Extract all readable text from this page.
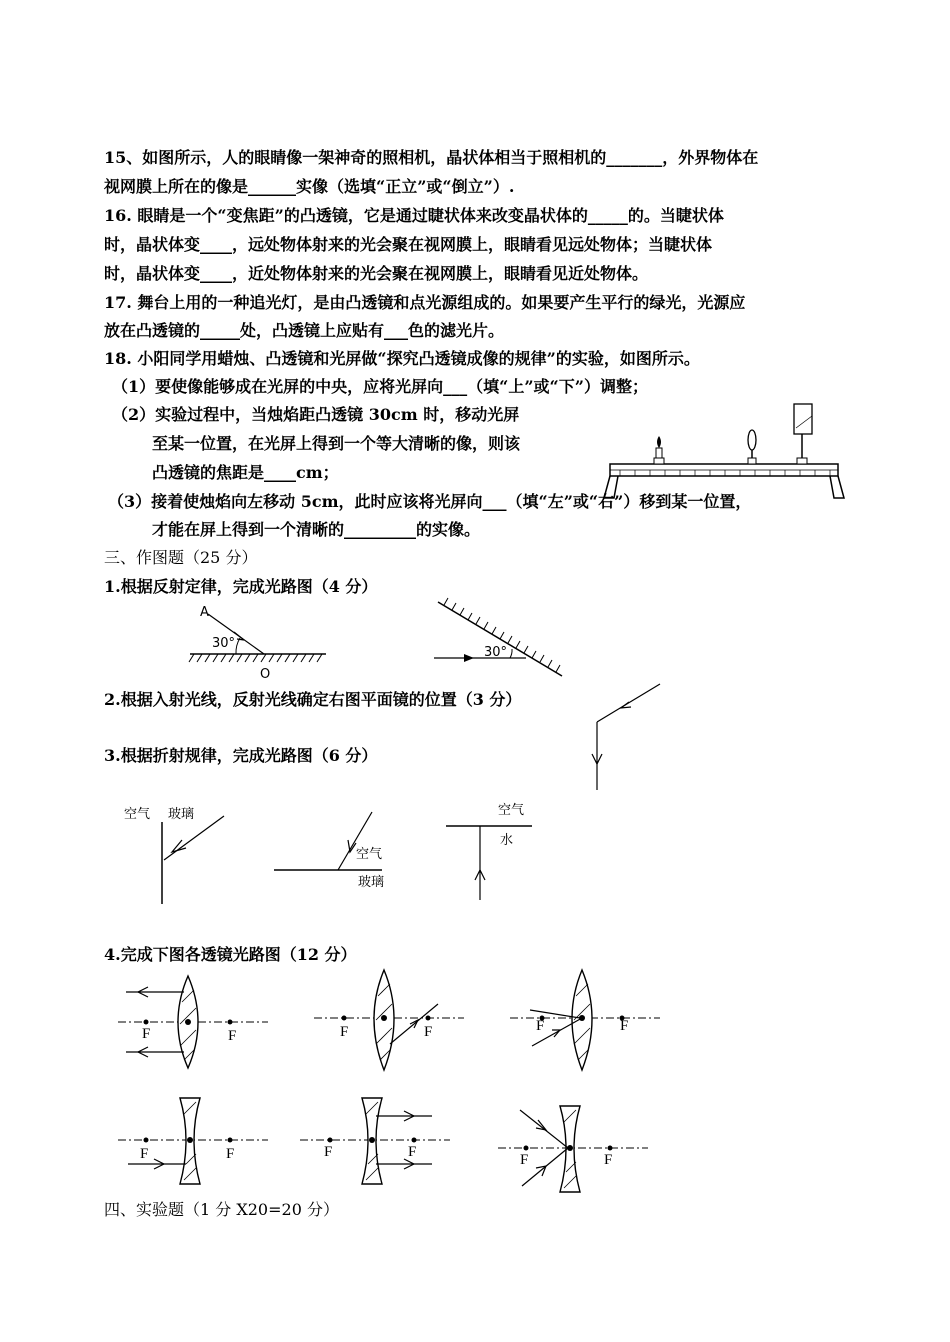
15、如图所示，人的眼睛像一架神奇的照相机，晶状体相当于照相机的_______，外界物体在
视网膜上所在的像是______实像（选填“正立”或“倒立”）.
16. 眼睛是一个“变焦距”的凸透镜，它是通过睫状体来改变晶状体的_____的。当睫状体
时，晶状体变____，远处物体射来的光会聚在视网膜上，眼睛看见远处物体；当睫状体
时，晶状体变____，近处物体射来的光会聚在视网膜上，眼睛看见近处物体。
17. 舞台上用的一种追光灯，是由凸透镜和点光源组成的。如果要产生平行的绿光，光源应
放在凸透镜的_____处，凸透镜上应贴有___色的滤光片。
18. 小阳同学用蜡烛、凸透镜和光屏做“探究凸透镜成像的规律”的实验，如图所示。
（1）要使像能够成在光屏的中央，应将光屏向___（填“上”或“下”）调整；
（2）实验过程中，当烛焰距凸透镜 30cm 时，移动光屏
至某一位置，在光屏上得到一个等大清晰的像，则该
凸透镜的焦距是____cm；
（3）接着使烛焰向左移动 5cm，此时应该将光屏向___（填“左”或“右”）移到某一位置，
才能在屏上得到一个清晰的_________的实像。
三、作图题（25 分）
1.根据反射定律，完成光路图（4 分）
2.根据入射光线，反射光线确定右图平面镜的位置（3 分）
3.根据折射规律，完成光路图（6 分）
4.完成下图各透镜光路图（12 分）
四、实验题（1 分 X20=20 分）
A
30°
O
30°
空气 玻璃
空气
玻璃
空气
水
F	F	F	F	F	F
F	F	F	F	F	F
